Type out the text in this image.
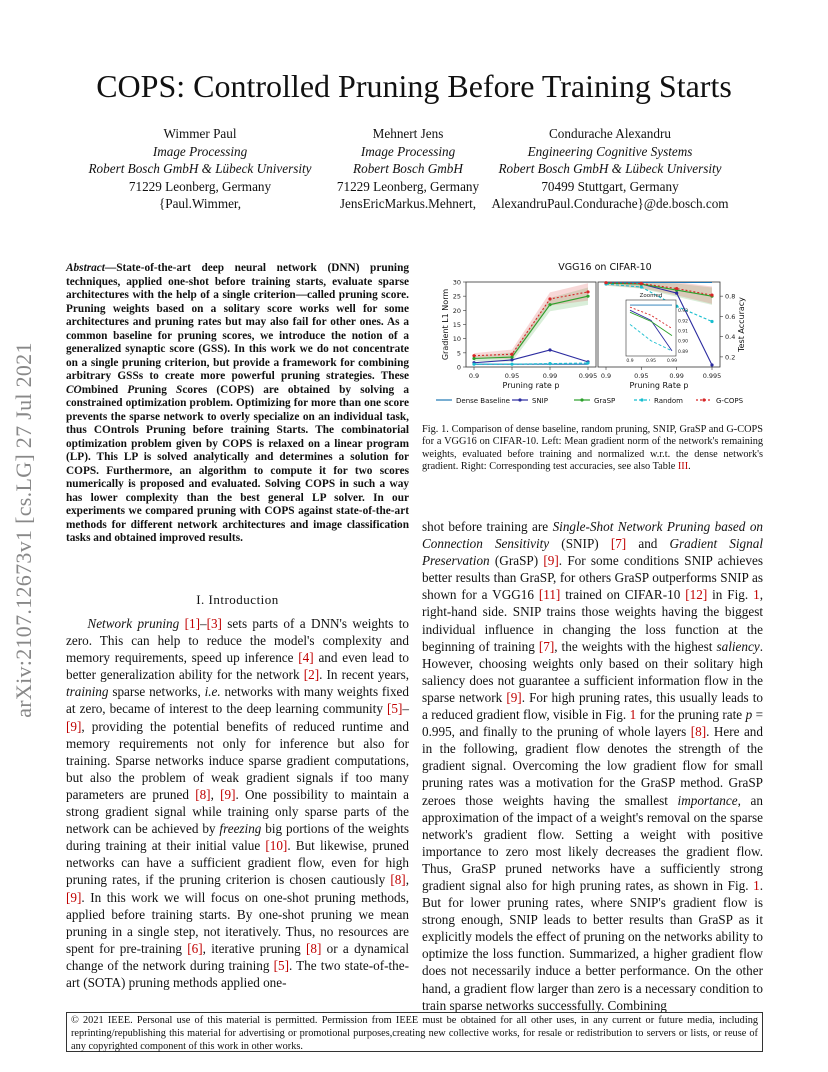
COPS: Controlled Pruning Before Training Starts
Wimmer Paul
Image Processing
Robert Bosch GmbH & Lübeck University
71229 Leonberg, Germany
{Paul.Wimmer,
Mehnert Jens
Image Processing
Robert Bosch GmbH
71229 Leonberg, Germany
JensEricMarkus.Mehnert,
Condurache Alexandru
Engineering Cognitive Systems
Robert Bosch GmbH & Lübeck University
70499 Stuttgart, Germany
AlexandruPaul.Condurache}@de.bosch.com
arXiv:2107.12673v1 [cs.LG] 27 Jul 2021
Abstract—State-of-the-art deep neural network (DNN) pruning techniques, applied one-shot before training starts, evaluate sparse architectures with the help of a single criterion—called pruning score. Pruning weights based on a solitary score works well for some architectures and pruning rates but may also fail for other ones. As a common baseline for pruning scores, we introduce the notion of a generalized synaptic score (GSS). In this work we do not concentrate on a single pruning criterion, but provide a framework for combining arbitrary GSSs to create more powerful pruning strategies. These COmbined Pruning Scores (COPS) are obtained by solving a constrained optimization problem. Optimizing for more than one score prevents the sparse network to overly specialize on an individual task, thus COntrols Pruning before training Starts. The combinatorial optimization problem given by COPS is relaxed on a linear program (LP). This LP is solved analytically and determines a solution for COPS. Furthermore, an algorithm to compute it for two scores numerically is proposed and evaluated. Solving COPS in such a way has lower complexity than the best general LP solver. In our experiments we compared pruning with COPS against state-of-the-art methods for different network architectures and image classification tasks and obtained improved results.
I. Introduction
Network pruning [1]–[3] sets parts of a DNN's weights to zero. This can help to reduce the model's complexity and memory requirements, speed up inference [4] and even lead to better generalization ability for the network [2]. In recent years, training sparse networks, i.e. networks with many weights fixed at zero, became of interest to the deep learning community [5]–[9], providing the potential benefits of reduced runtime and memory requirements not only for inference but also for training. Sparse networks induce sparse gradient computations, but also the problem of weak gradient signals if too many parameters are pruned [8], [9]. One possibility to maintain a strong gradient signal while training only sparse parts of the network can be achieved by freezing big portions of the weights during training at their initial value [10]. But likewise, pruned networks can have a sufficient gradient flow, even for high pruning rates, if the pruning criterion is chosen cautiously [8], [9]. In this work we will focus on one-shot pruning methods, applied before training starts. By one-shot pruning we mean pruning in a single step, not iteratively. Thus, no resources are spent for pre-training [6], iterative pruning [8] or a dynamical change of the network during training [5]. The two state-of-the-art (SOTA) pruning methods applied one-
VGG16 on CIFAR-10
0
5
10
15
20
25
30
0.9	0.95	0.99	0.995
Pruning rate p
Gradient L1 Norm	0.2
0.4
0.6
0.8
0.9	0.95	0.99	0.995
Pruning Rate p
Test Accuracy
Zoomed
0.93
0.92
0.91
0.90
0.89
0.9	0.95 0.99
Dense Baseline	SNIP	GraSP	Random	G-COPS
Fig. 1. Comparison of dense baseline, random pruning, SNIP, GraSP and G-COPS for a VGG16 on CIFAR-10. Left: Mean gradient norm of the network's remaining weights, evaluated before training and normalized w.r.t. the dense network's gradient. Right: Corresponding test accuracies, see also Table III.
shot before training are Single-Shot Network Pruning based on Connection Sensitivity (SNIP) [7] and Gradient Signal Preservation (GraSP) [9]. For some conditions SNIP achieves better results than GraSP, for others GraSP outperforms SNIP as shown for a VGG16 [11] trained on CIFAR-10 [12] in Fig. 1, right-hand side. SNIP trains those weights having the biggest individual influence in changing the loss function at the beginning of training [7], the weights with the highest saliency. However, choosing weights only based on their solitary high saliency does not guarantee a sufficient information flow in the sparse network [9]. For high pruning rates, this usually leads to a reduced gradient flow, visible in Fig. 1 for the pruning rate p = 0.995, and finally to the pruning of whole layers [8]. Here and in the following, gradient flow denotes the strength of the gradient signal. Overcoming the low gradient flow for small pruning rates was a motivation for the GraSP method. GraSP zeroes those weights having the smallest importance, an approximation of the impact of a weight's removal on the sparse network's gradient flow. Setting a weight with positive importance to zero most likely decreases the gradient flow. Thus, GraSP pruned networks have a sufficiently strong gradient signal also for high pruning rates, as shown in Fig. 1. But for lower pruning rates, where SNIP's gradient flow is strong enough, SNIP leads to better results than GraSP as it explicitly models the effect of pruning on the networks ability to optimize the loss function. Summarized, a higher gradient flow does not necessarily induce a better performance. On the other hand, a gradient flow larger than zero is a necessary condition to train sparse networks successfully. Combining
© 2021 IEEE. Personal use of this material is permitted. Permission from IEEE must be obtained for all other uses, in any current or future media, including reprinting/republishing this material for advertising or promotional purposes,creating new collective works, for resale or redistribution to servers or lists, or reuse of any copyrighted component of this work in other works.
